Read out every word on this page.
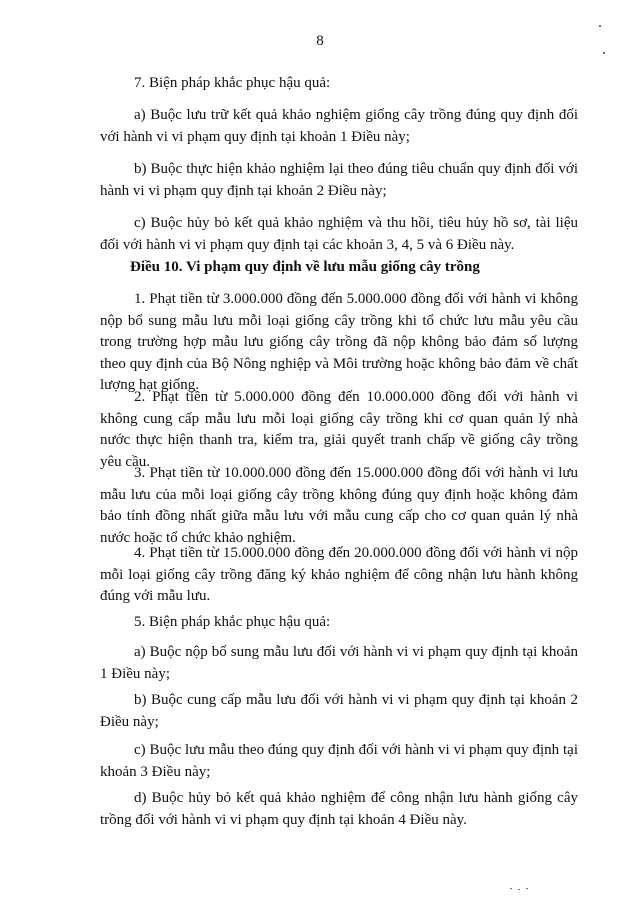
8

7. Biện pháp khắc phục hậu quả:

a) Buộc lưu trữ kết quả khảo nghiệm giống cây trồng đúng quy định đối với hành vi vi phạm quy định tại khoản 1 Điều này;

b) Buộc thực hiện khảo nghiệm lại theo đúng tiêu chuẩn quy định đối với hành vi vi phạm quy định tại khoản 2 Điều này;

c) Buộc hủy bỏ kết quả khảo nghiệm và thu hồi, tiêu hủy hồ sơ, tài liệu đối với hành vi vi phạm quy định tại các khoản 3, 4, 5 và 6 Điều này.

Điều 10. Vi phạm quy định về lưu mẫu giống cây trồng

1. Phạt tiền từ 3.000.000 đồng đến 5.000.000 đồng đối với hành vi không nộp bổ sung mẫu lưu mỗi loại giống cây trồng khi tổ chức lưu mẫu yêu cầu trong trường hợp mẫu lưu giống cây trồng đã nộp không bảo đảm số lượng theo quy định của Bộ Nông nghiệp và Môi trường hoặc không bảo đảm về chất lượng hạt giống.

2. Phạt tiền từ 5.000.000 đồng đến 10.000.000 đồng đối với hành vi không cung cấp mẫu lưu mỗi loại giống cây trồng khi cơ quan quản lý nhà nước thực hiện thanh tra, kiểm tra, giải quyết tranh chấp về giống cây trồng yêu cầu.

3. Phạt tiền từ 10.000.000 đồng đến 15.000.000 đồng đối với hành vi lưu mẫu lưu của mỗi loại giống cây trồng không đúng quy định hoặc không đảm bảo tính đồng nhất giữa mẫu lưu với mẫu cung cấp cho cơ quan quản lý nhà nước hoặc tổ chức khảo nghiệm.

4. Phạt tiền từ 15.000.000 đồng đến 20.000.000 đồng đối với hành vi nộp mỗi loại giống cây trồng đăng ký khảo nghiệm để công nhận lưu hành không đúng với mẫu lưu.

5. Biện pháp khắc phục hậu quả:

a) Buộc nộp bổ sung mẫu lưu đối với hành vi vi phạm quy định tại khoản 1 Điều này;

b) Buộc cung cấp mẫu lưu đối với hành vi vi phạm quy định tại khoản 2 Điều này;

c) Buộc lưu mẫu theo đúng quy định đối với hành vi vi phạm quy định tại khoản 3 Điều này;

d) Buộc hủy bỏ kết quả khảo nghiệm để công nhận lưu hành giống cây trồng đối với hành vi vi phạm quy định tại khoản 4 Điều này.
